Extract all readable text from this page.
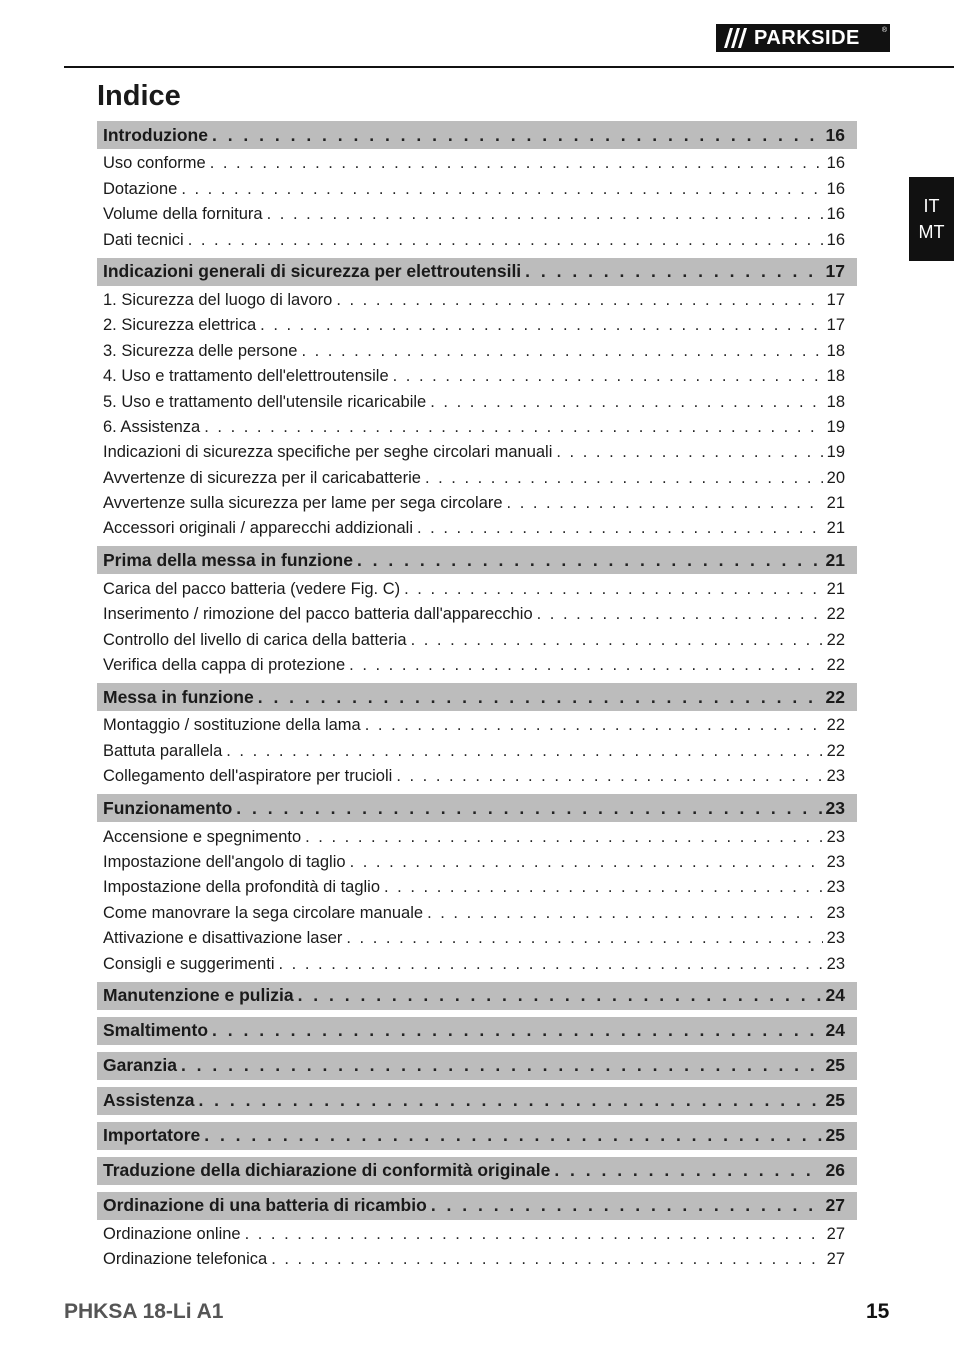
PARKSIDE	®
Indice
IT
MT
Introduzione . . .	16
Uso conforme . . .	16
Dotazione . . .	16
Volume della fornitura . . .	16
Dati tecnici . . .	16
Indicazioni generali di sicurezza per elettroutensili . . .	17
1. Sicurezza del luogo di lavoro . . .	17
2. Sicurezza elettrica . . .	17
3. Sicurezza delle persone . . .	18
4. Uso e trattamento dell'elettroutensile . . .	18
5. Uso e trattamento dell'utensile ricaricabile . . .	18
6. Assistenza . . .	19
Indicazioni di sicurezza specifiche per seghe circolari manuali . . .	19
Avvertenze di sicurezza per il caricabatterie . . .	20
Avvertenze sulla sicurezza per lame per sega circolare . . .	21
Accessori originali / apparecchi addizionali . . .	21
Prima della messa in funzione . . .	21
Carica del pacco batteria (vedere Fig. C) . . .	21
Inserimento / rimozione del pacco batteria dall'apparecchio . . .	22
Controllo del livello di carica della batteria . . .	22
Verifica della cappa di protezione . . .	22
Messa in funzione . . .	22
Montaggio / sostituzione della lama . . .	22
Battuta parallela . . .	22
Collegamento dell'aspiratore per trucioli . . .	23
Funzionamento . . .	23
Accensione e spegnimento . . .	23
Impostazione dell'angolo di taglio . . .	23
Impostazione della profondità di taglio . . .	23
Come manovrare la sega circolare manuale . . .	23
Attivazione e disattivazione laser . . .	23
Consigli e suggerimenti . . .	23
Manutenzione e pulizia . . .	24
Smaltimento . . .	24
Garanzia . . .	25
Assistenza . . .	25
Importatore . . .	25
Traduzione della dichiarazione di conformità originale . . .	26
Ordinazione di una batteria di ricambio . . .	27
Ordinazione online . . .	27
Ordinazione telefonica . . .	27
PHKSA 18-Li A1	15
